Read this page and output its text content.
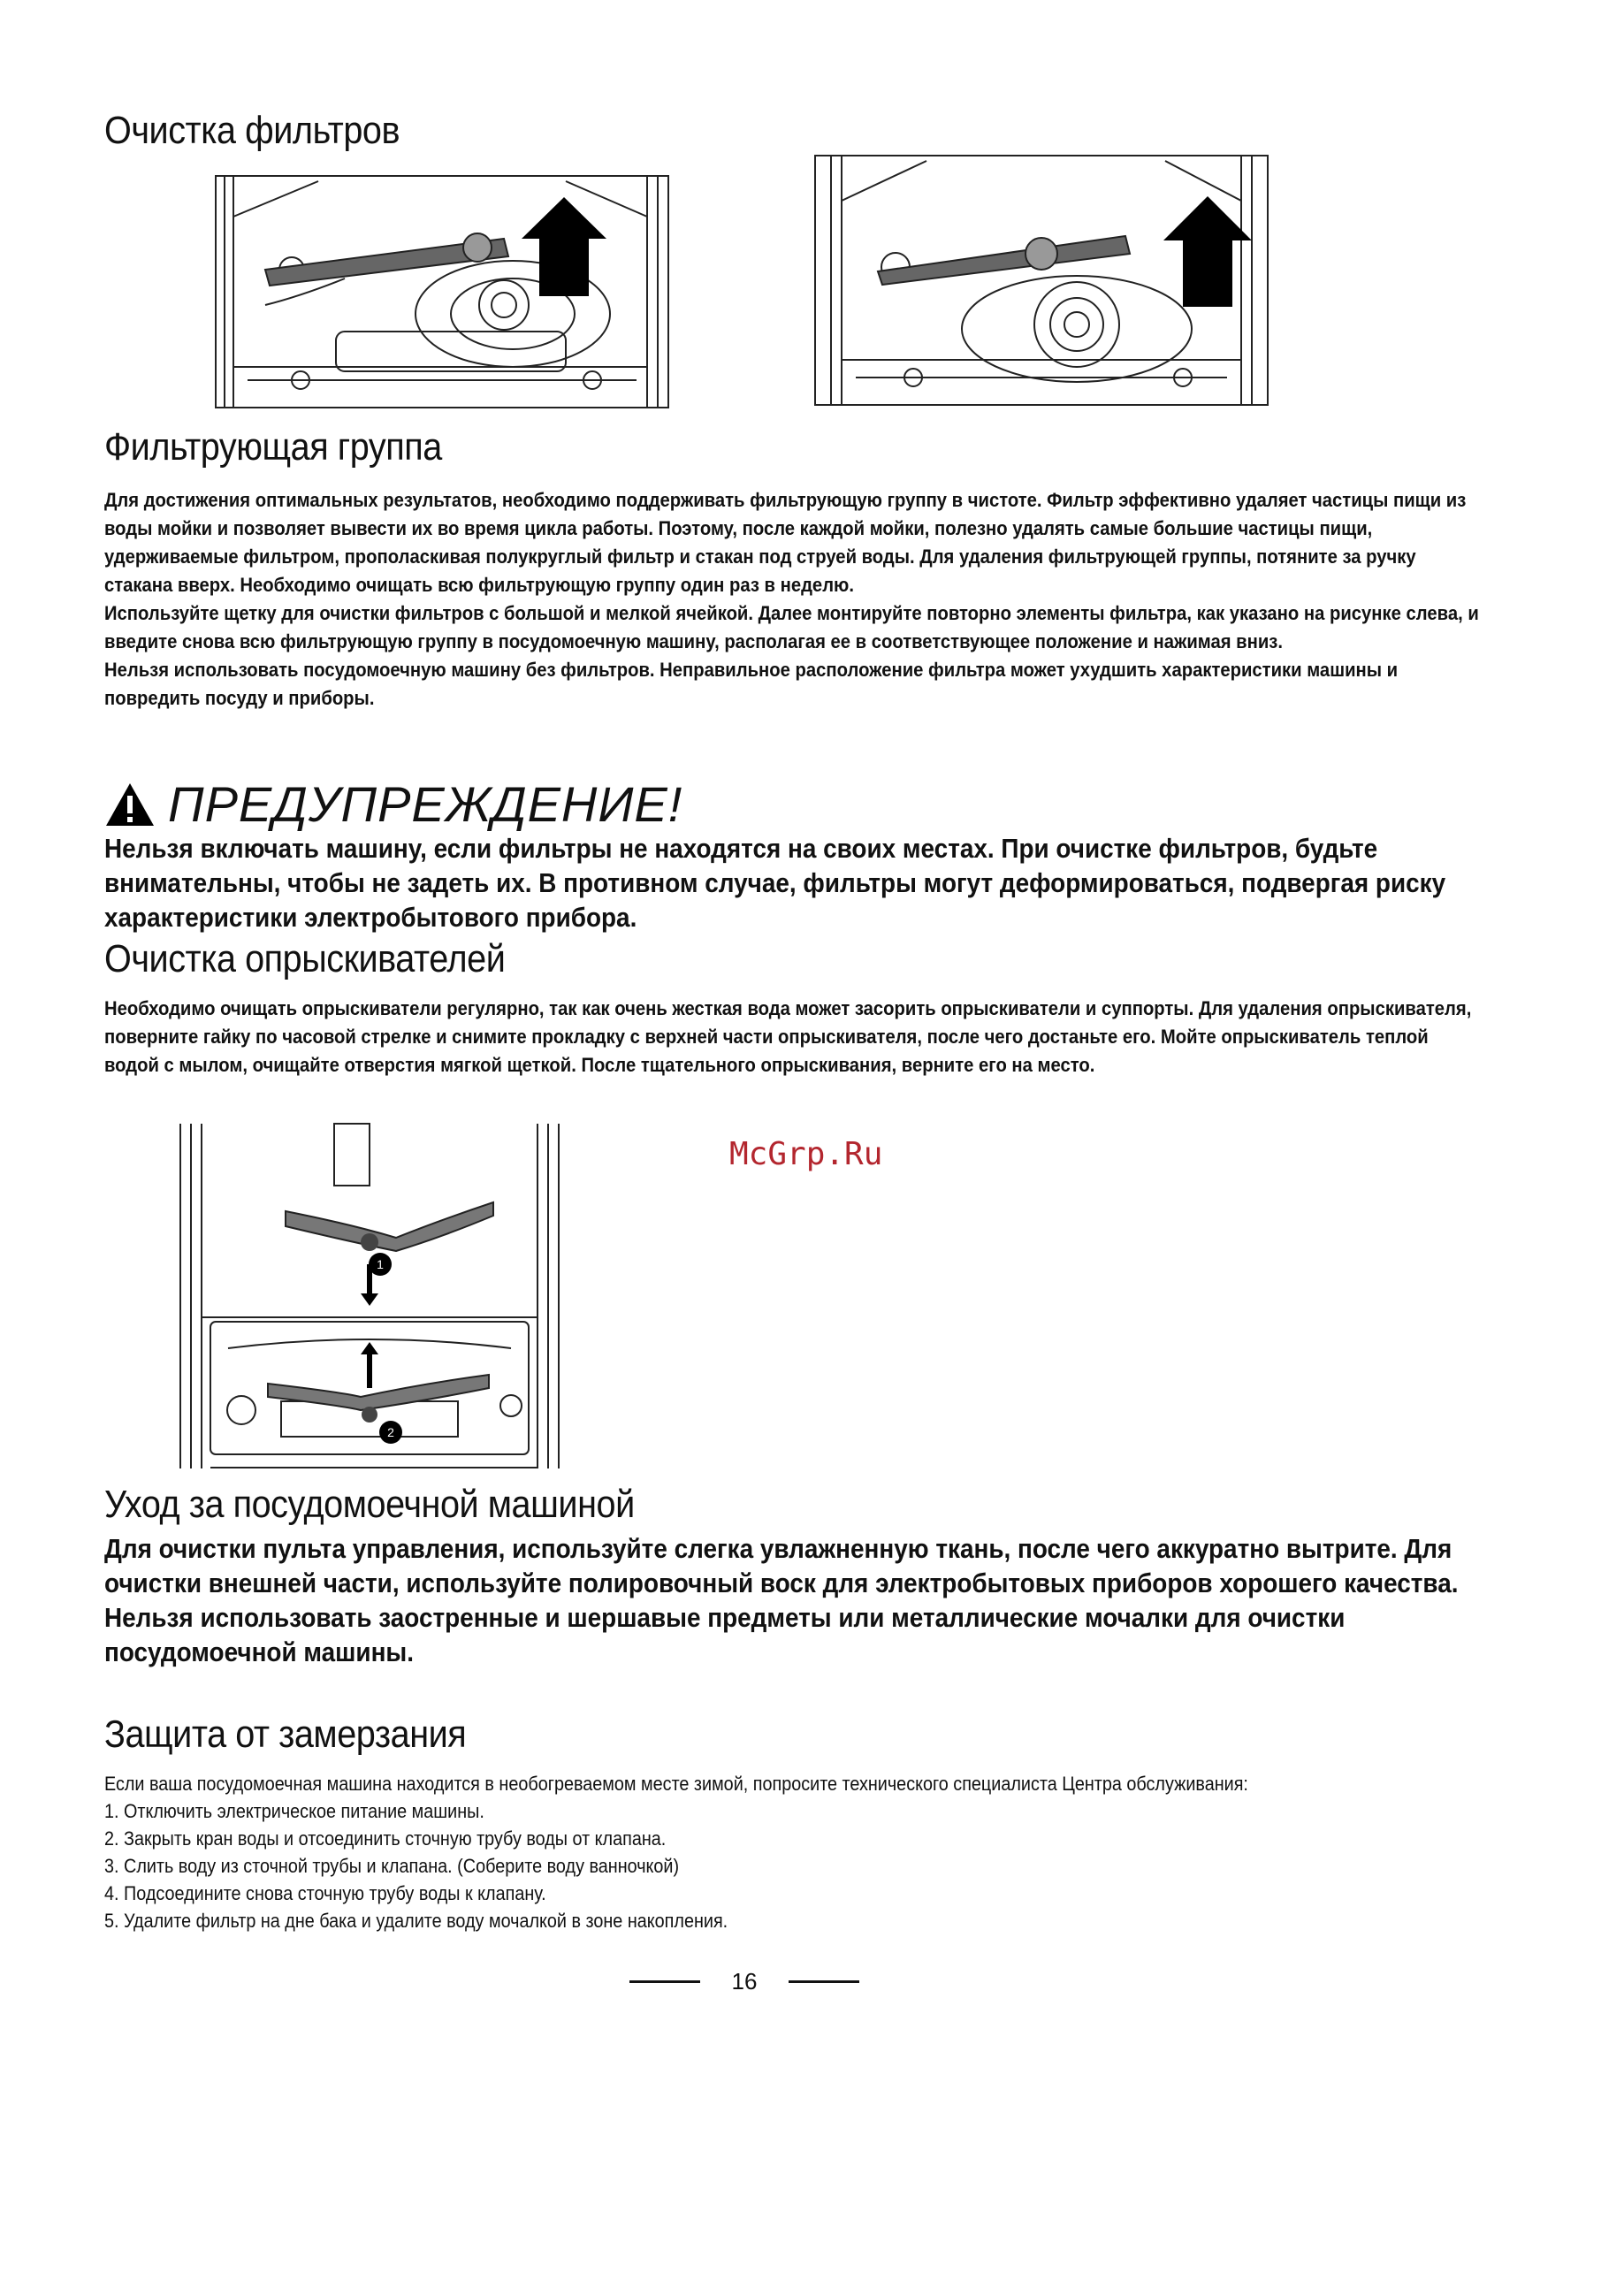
Очистка фильтров
Фильтрующая группа

Для достижения оптимальных результатов, необходимо поддерживать фильтрующую группу в чистоте. Фильтр эффективно удаляет частицы пищи из воды мойки и позволяет вывести их во время цикла работы. Поэтому, после каждой мойки, полезно удалять самые большие частицы пищи, удерживаемые фильтром, прополаскивая полукруглый фильтр и стакан под струей воды. Для удаления фильтрующей группы, потяните за ручку стакана вверх. Необходимо очищать всю фильтрующую группу один раз в неделю.

Используйте щетку для очистки фильтров с большой и мелкой ячейкой. Далее монтируйте повторно элементы фильтра, как указано на рисунке слева, и введите снова всю фильтрующую группу в посудомоечную машину, располагая ее в соответствующее положение и нажимая вниз.

Нельзя использовать посудомоечную машину без фильтров. Неправильное расположение фильтра может ухудшить характеристики машины и повредить посуду и приборы.

ПРЕДУПРЕЖДЕНИЕ!

Нельзя включать машину, если фильтры не находятся на своих местах. При очистке фильтров, будьте внимательны, чтобы не задеть их. В противном случае, фильтры могут деформироваться, подвергая риску характеристики электробытового прибора.

Очистка опрыскивателей

Необходимо очищать опрыскиватели регулярно, так как очень жесткая вода может засорить опрыскиватели и суппорты. Для удаления опрыскивателя, поверните гайку по часовой стрелке и снимите прокладку с верхней части опрыскивателя, после чего достаньте его. Мойте опрыскиватель теплой водой с мылом, очищайте отверстия мягкой щеткой. После тщательного опрыскивания, верните его на место.

1
2
McGrp.Ru
Уход за посудомоечной машиной

Для очистки пульта управления, используйте слегка увлажненную ткань, после чего аккуратно вытрите. Для очистки внешней части, используйте полировочный воск для электробытовых приборов хорошего качества.

Нельзя использовать заостренные и шершавые предметы или металлические мочалки для очистки посудомоечной машины.

Защита от замерзания

Если ваша посудомоечная машина находится в необогреваемом месте зимой, попросите технического специалиста Центра обслуживания:

1. Отключить электрическое питание машины.

2. Закрыть кран воды и отсоединить сточную трубу воды от клапана.

3. Слить воду из сточной трубы и клапана. (Соберите воду ванночкой)

4. Подсоедините снова сточную трубу воды к клапану.

5. Удалите фильтр на дне бака и удалите воду мочалкой в зоне накопления.

16
